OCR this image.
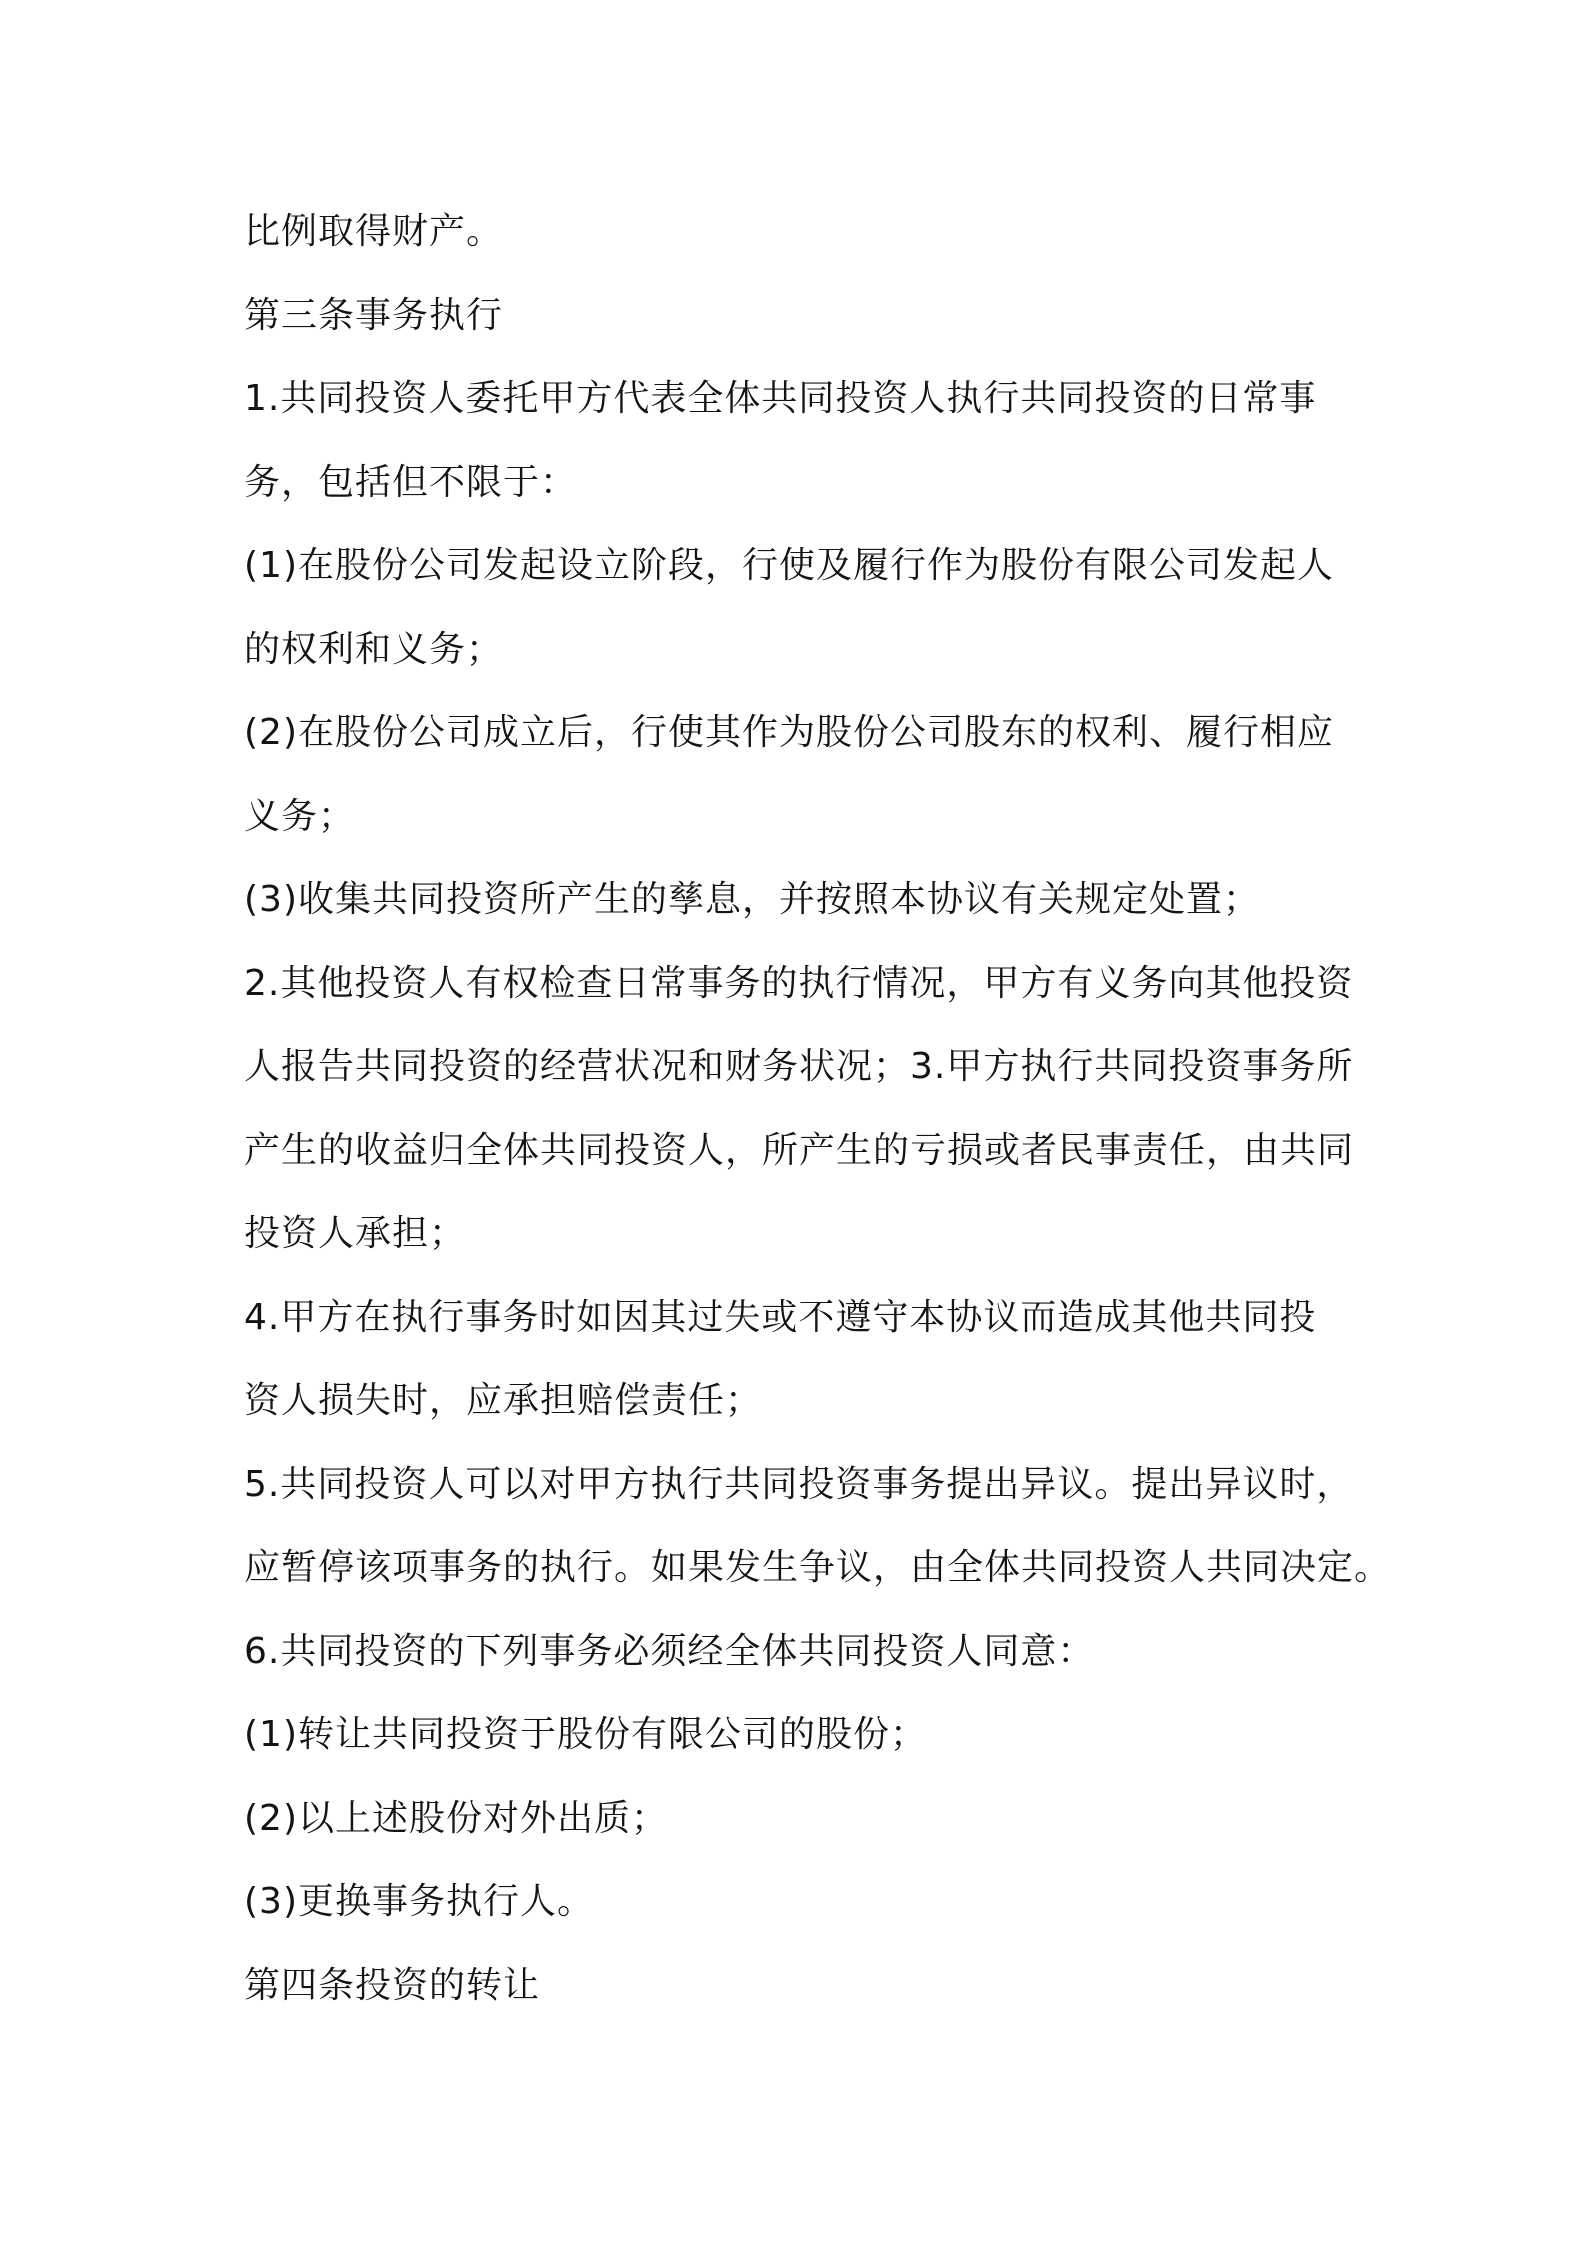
比例取得财产。
第三条事务执行
1.共同投资人委托甲方代表全体共同投资人执行共同投资的日常事
务，包括但不限于：
(1)在股份公司发起设立阶段，行使及履行作为股份有限公司发起人
的权利和义务；
(2)在股份公司成立后，行使其作为股份公司股东的权利、履行相应
义务；
(3)收集共同投资所产生的孳息，并按照本协议有关规定处置；
2.其他投资人有权检查日常事务的执行情况，甲方有义务向其他投资
人报告共同投资的经营状况和财务状况；3.甲方执行共同投资事务所
产生的收益归全体共同投资人，所产生的亏损或者民事责任，由共同
投资人承担；
4.甲方在执行事务时如因其过失或不遵守本协议而造成其他共同投
资人损失时，应承担赔偿责任；
5.共同投资人可以对甲方执行共同投资事务提出异议。提出异议时，
应暂停该项事务的执行。如果发生争议，由全体共同投资人共同决定。
6.共同投资的下列事务必须经全体共同投资人同意：
(1)转让共同投资于股份有限公司的股份；
(2)以上述股份对外出质；
(3)更换事务执行人。
第四条投资的转让
